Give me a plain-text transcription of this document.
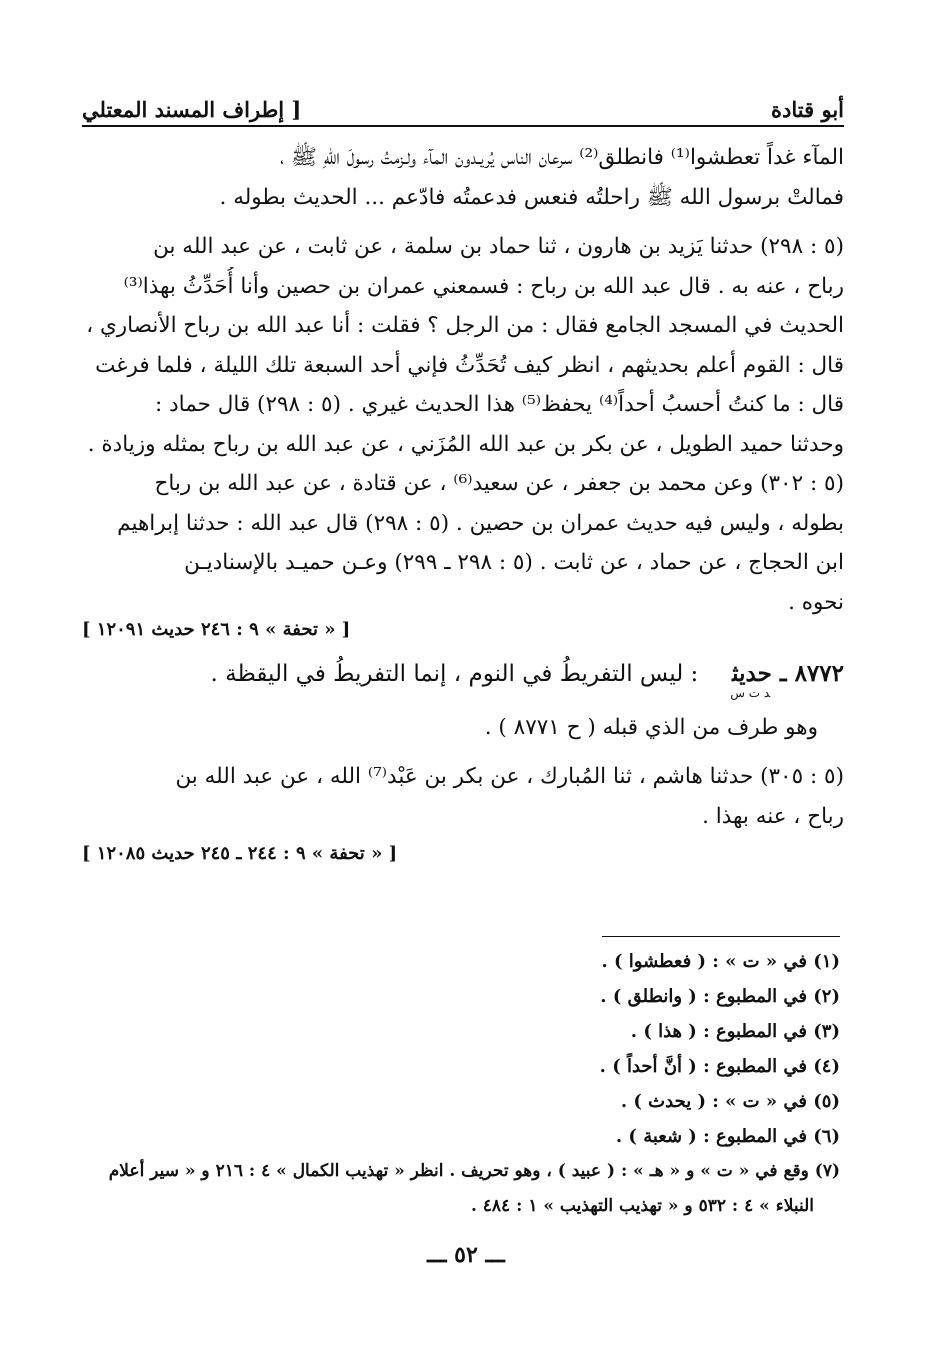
أبو قتادة
[ إطراف المسند المعتلي
المآء غداً تعطشوا⁽¹⁾ فانطلق⁽²⁾ سرعان الناس يُريـدون المآء ولـزمتُ رسولَ اللهِ ﷺ ،
فمالتْ برسول الله ﷺ راحلتُه فنعس فدعمتُه فادّعم ... الحديث بطوله .
(٥ : ٢٩٨) حدثنا يَزيد بن هارون ، ثنا حماد بن سلمة ، عن ثابت ، عن عبد الله بن
رباح ، عنه به . قال عبد الله بن رباح : فسمعني عمران بن حصين وأنا أُحَدِّثُ بهذا⁽³⁾
الحديث في المسجد الجامع فقال : من الرجل ؟ فقلت : أنا عبد الله بن رباح الأنصاري ،
قال : القوم أعلم بحديثهم ، انظر كيف تُحَدِّثُ فإني أحد السبعة تلك الليلة ، فلما فرغت
قال : ما كنتُ أحسبُ أحداً⁽⁴⁾ يحفظ⁽⁵⁾ هذا الحديث غيري . (٥ : ٢٩٨) قال حماد :
وحدثنا حميد الطويل ، عن بكر بن عبد الله المُزَني ، عن عبد الله بن رباح بمثله وزيادة .
(٥ : ٣٠٢) وعن محمد بن جعفر ، عن سعيد⁽⁶⁾ ، عن قتادة ، عن عبد الله بن رباح
بطوله ، وليس فيه حديث عمران بن حصين . (٥ : ٢٩٨) قال عبد الله : حدثنا إبراهيم
ابن الحجاج ، عن حماد ، عن ثابت . (٥ : ٢٩٨ ـ ٢٩٩) وعـن حميـد بالإسناديـن
نحوه .
[ « تحفة » ٩ : ٢٤٦ حديث ١٢٠٩١ ]
٨٧٧٢ ـ حديث$_{د ت س}$ : ليس التفريطُ في النوم ، إنما التفريطُ في اليقظة .
وهو طرف من الذي قبله ( ح ٨٧٧١ ) .
(٥ : ٣٠٥) حدثنا هاشم ، ثنا المُبارك ، عن بكر بن عَبْد⁽⁷⁾ الله ، عن عبد الله بن
رباح ، عنه بهذا .
[ « تحفة » ٩ : ٢٤٤ ـ ٢٤٥ حديث ١٢٠٨٥ ]
(١) في « ت » : ( فعطشوا ) .
(٢) في المطبوع : ( وانطلق ) .
(٣) في المطبوع : ( هذا ) .
(٤) في المطبوع : ( أنَّ أحداً ) .
(٥) في « ت » : ( يحدث ) .
(٦) في المطبوع : ( شعبة ) .
(٧) وقع في « ت » و « هـ » : ( عبيد ) ، وهو تحريف . انظر « تهذيب الكمال » ٤ : ٢١٦ و « سير أعلام
النبلاء » ٤ : ٥٣٢ و « تهذيب التهذيب » ١ : ٤٨٤ .
ـــ ٥٢ ـــ
